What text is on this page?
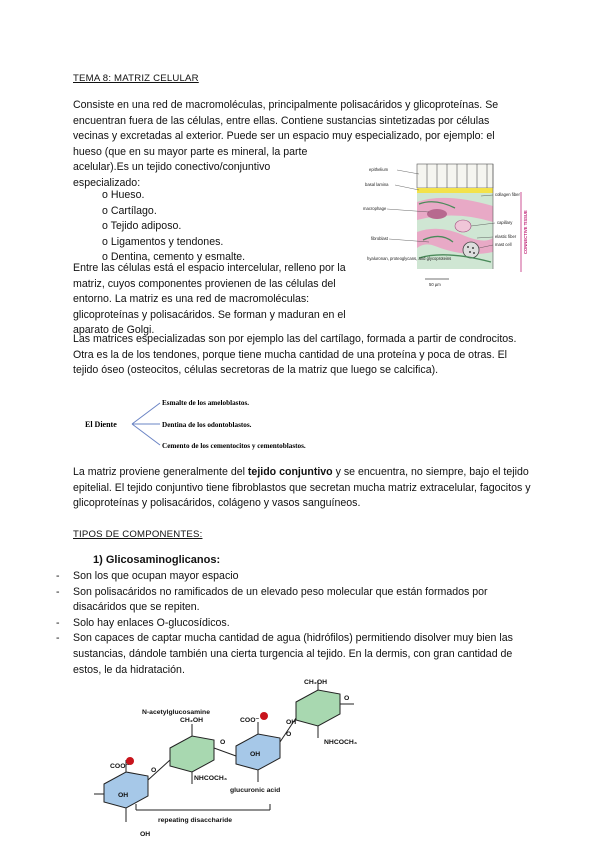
TEMA 8: MATRIZ CELULAR
Consiste en una red de macromoléculas, principalmente polisacáridos y glicoproteínas. Se
encuentran fuera de las células, entre ellas. Contiene sustancias sintetizadas por células
vecinas y excretadas al exterior. Puede ser un espacio muy especializado, por ejemplo: el
hueso (que en su mayor parte es mineral, la parte
acelular).Es un tejido conectivo/conjuntivo
especializado:
o Hueso.
o Cartílago.
o Tejido adiposo.
o Ligamentos y tendones.
o Dentina, cemento y esmalte.
epithelium
basal lamina
macrophage
fibroblast
hyaluronan, proteoglycans, and glycoproteins
collagen fiber
capillary
elastic fiber
mast cell
50 µm
CONNECTIVE TISSUE
Entre las células está el espacio intercelular, relleno por la matriz, cuyos componentes provienen de las células del entorno. La matriz es una red de macromoléculas: glicoproteínas y polisacáridos. Se forman y maduran en el aparato de Golgi.
Las matrices especializadas son por ejemplo las del cartílago, formada a partir de condrocitos. Otra es la de los tendones, porque tiene mucha cantidad de una proteína y poca de otras. El tejido óseo (osteocitos, células secretoras de la matriz que luego se calcifica).
El Diente
Esmalte de los ameloblastos.
Dentina de los odontoblastos.
Cemento de los cementocitos y cementoblastos.
La matriz proviene generalmente del tejido conjuntivo y se encuentra, no siempre, bajo el tejido epitelial. El tejido conjuntivo tiene fibroblastos que secretan mucha matriz extracelular, fagocitos y glicoproteínas y polisacáridos, colágeno y vasos sanguíneos.
TIPOS DE COMPONENTES:
1) Glicosaminoglicanos:
- Son los que ocupan mayor espacio
- Son polisacáridos no ramificados de un elevado peso molecular que están formados por disacáridos que se repiten.
- Solo hay enlaces O-glucosídicos.
- Son capaces de captar mucha cantidad de agua (hidrófilos) permitiendo disolver muy bien las sustancias, dándole también una cierta turgencia al tejido. En la dermis, con gran cantidad de estos, le da hidratación.
N-acetylglucosamine
CH₂OH
CH₂OH
COO⁻
COO⁻
OH
OH
OH
OH
O
O
O
O
NHCOCH₃
NHCOCH₃
glucuronic acid
repeating disaccharide
